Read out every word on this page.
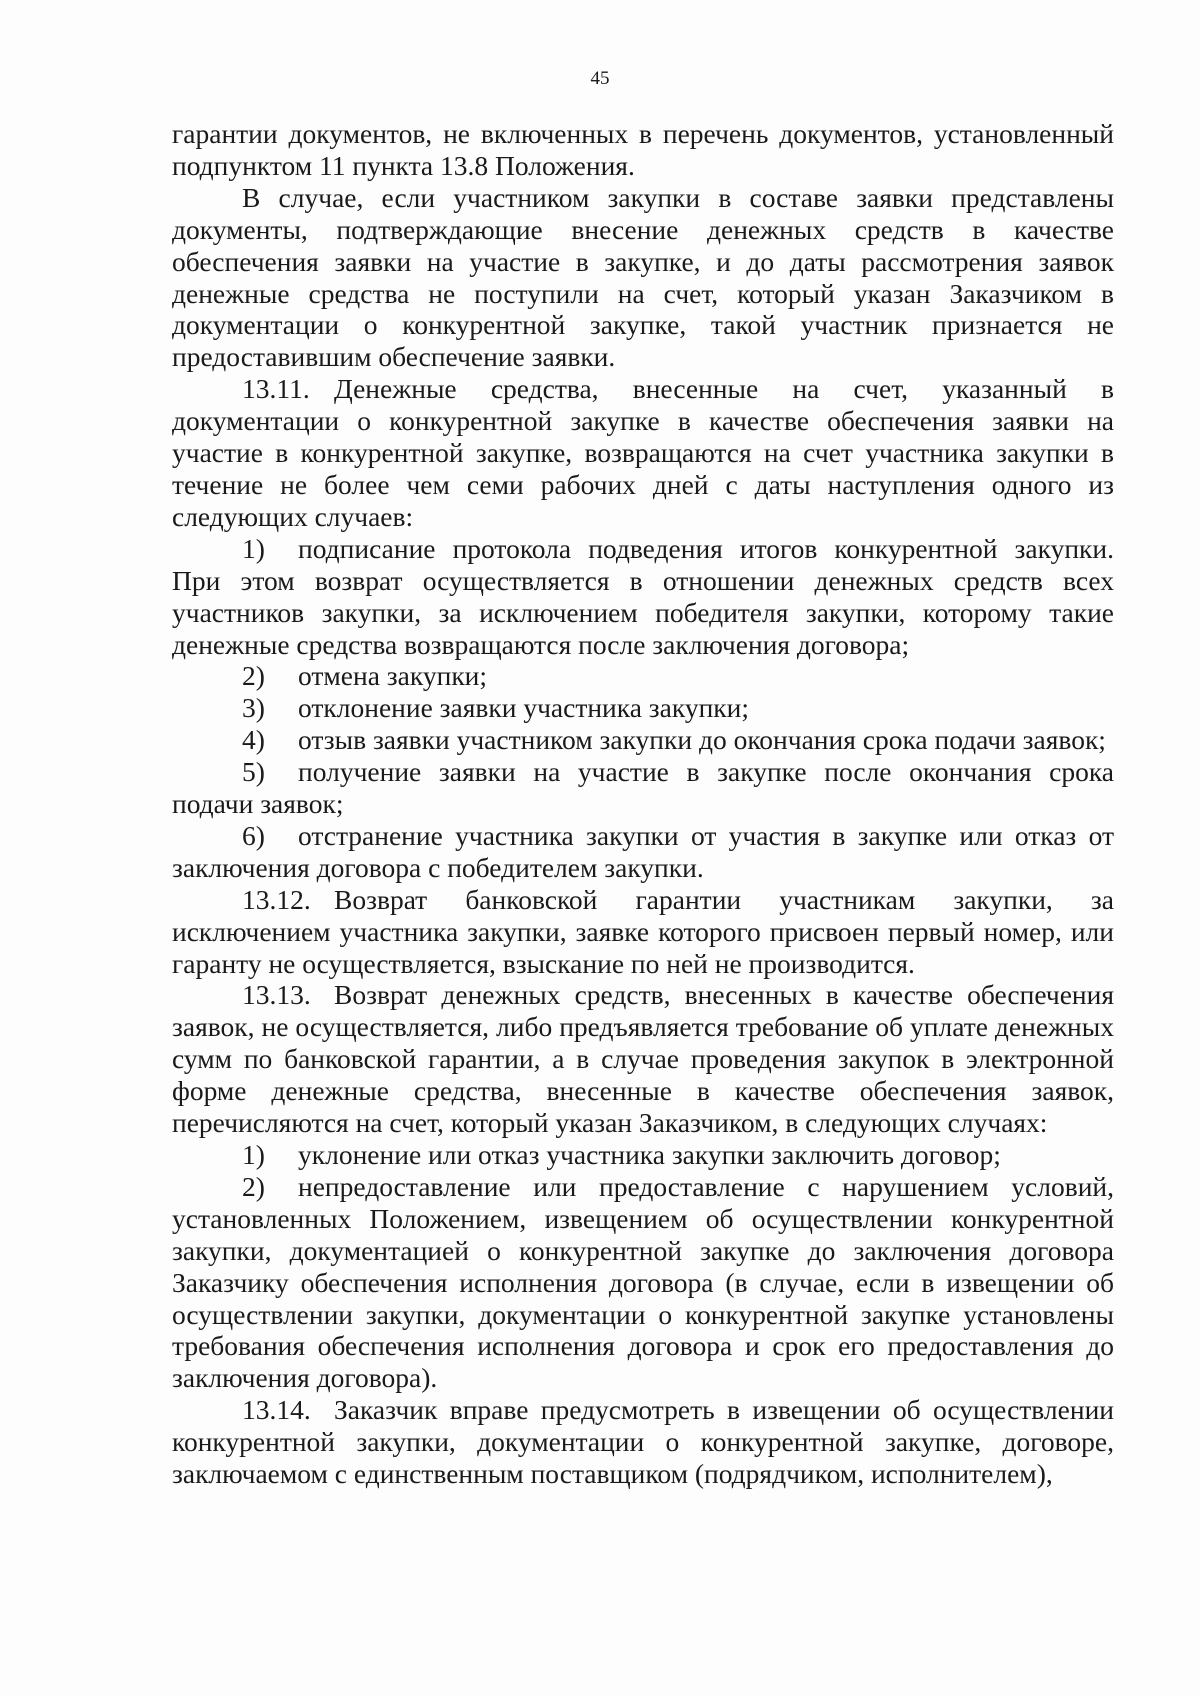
45

гарантии документов, не включенных в перечень документов, установленный подпунктом 11 пункта 13.8 Положения.

В случае, если участником закупки в составе заявки представлены документы, подтверждающие внесение денежных средств в качестве обеспечения заявки на участие в закупке, и до даты рассмотрения заявок денежные средства не поступили на счет, который указан Заказчиком в документации о конкурентной закупке, такой участник признается не предоставившим обеспечение заявки.

13.11. Денежные средства, внесенные на счет, указанный в документации о конкурентной закупке в качестве обеспечения заявки на участие в конкурентной закупке, возвращаются на счет участника закупки в течение не более чем семи рабочих дней с даты наступления одного из следующих случаев:

1) подписание протокола подведения итогов конкурентной закупки. При этом возврат осуществляется в отношении денежных средств всех участников закупки, за исключением победителя закупки, которому такие денежные средства возвращаются после заключения договора;

2) отмена закупки;

3) отклонение заявки участника закупки;

4) отзыв заявки участником закупки до окончания срока подачи заявок;

5) получение заявки на участие в закупке после окончания срока подачи заявок;

6) отстранение участника закупки от участия в закупке или отказ от заключения договора с победителем закупки.

13.12. Возврат банковской гарантии участникам закупки, за исключением участника закупки, заявке которого присвоен первый номер, или гаранту не осуществляется, взыскание по ней не производится.

13.13. Возврат денежных средств, внесенных в качестве обеспечения заявок, не осуществляется, либо предъявляется требование об уплате денежных сумм по банковской гарантии, а в случае проведения закупок в электронной форме денежные средства, внесенные в качестве обеспечения заявок, перечисляются на счет, который указан Заказчиком, в следующих случаях:

1) уклонение или отказ участника закупки заключить договор;

2) непредоставление или предоставление с нарушением условий, установленных Положением, извещением об осуществлении конкурентной закупки, документацией о конкурентной закупке до заключения договора Заказчику обеспечения исполнения договора (в случае, если в извещении об осуществлении закупки, документации о конкурентной закупке установлены требования обеспечения исполнения договора и срок его предоставления до заключения договора).

13.14. Заказчик вправе предусмотреть в извещении об осуществлении конкурентной закупки, документации о конкурентной закупке, договоре, заключаемом с единственным поставщиком (подрядчиком, исполнителем),
